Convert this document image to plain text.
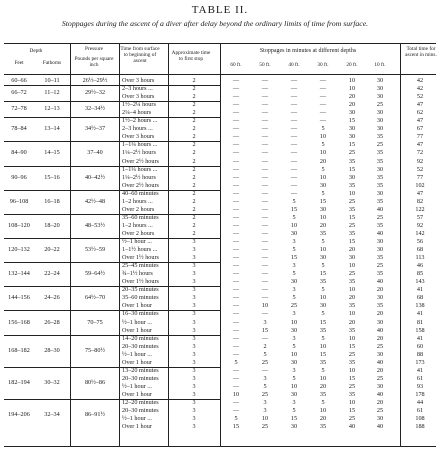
TABLE II.
Stoppages during the ascent of a diver after delay beyond the ordinary limits of time from surface.
Depth
Feet	Fathoms
Pressure
Pounds per square inch
Time from surface to beginning of ascent
Approximate time to first stop
Stoppages in minutes at different depths	Total time for ascent in mins.
60 ft.	50 ft.	40 ft.	30 ft.	20 ft.	10 ft.
60–66	10–11	26½–29½	Over 3 hours	2	—	—	—	—	10	30	42
66–72	11–12	29½–32
2–3 hours ...	2	—	—	—	—	10	30	42
Over 3 hours	2	—	—	—	—	20	30	52
72–78	12–13	32–34½
1½–2¼ hours	2	—	—	—	—	20	25	47
2¼–4 hours	2	—	—	—	—	30	30	62
78–84	13–14	34½–37
1½–2 hours ...	2	—	—	—	—	15	30	47
2–3 hours ...	2	—	—	—	5	30	30	67
Over 3 hours	2	—	—	—	10	30	35	77
84–90	14–15	37–40
1–1¼ hours ...	2	—	—	—	5	15	25	47
1¼–2½ hours	2	—	—	—	10	25	35	72
Over 2½ hours	2	—	—	—	20	35	35	92
90–96	15–16	40–42½
1–1¼ hours ...	2	—	—	—	5	15	30	52
1¼–2½ hours	2	—	—	—	10	30	35	77
Over 2½ hours	2	—	—	—	30	35	35	102
96–108	16–18	42½–48
40–60 minutes	2	—	—	—	5	10	30	47
1–2 hours ...	2	—	—	5	15	25	35	82
Over 2 hours	2	—	—	15	30	35	40	122
108–120	18–20	48–53½
35–60 minutes	2	—	—	5	10	15	25	57
1–2 hours ...	2	—	—	10	20	25	35	92
Over 2 hours	2	—	—	30	35	35	40	142
120–132	20–22	53½–59
½–1 hour ...	3	—	—	3	5	15	30	56
1–1½ hours ...	3	—	—	5	10	20	30	68
Over 1½ hours	3	—	—	15	30	30	35	113
132–144	22–24	59–64½
25–45 minutes	3	—	—	3	5	10	25	46
¾–1½ hours	3	—	—	5	15	25	35	85
Over 1½ hours	3	—	—	30	35	35	40	143
144–156	24–26	64½–70
20–35 minutes	3	—	—	3	5	10	20	41
35–60 minutes	3	—	—	5	10	20	30	68
Over 1 hour	3	—	10	25	30	35	35	138
156–168	26–28	70–75
16–30 minutes	3	—	—	3	5	10	20	41
½–1 hour ...	3	—	3	10	15	20	30	81
Over 1 hour	3	—	15	30	35	35	40	158
168–182	28–30	75–80½
14–20 minutes	3	—	—	3	5	10	20	41
20–30 minutes	3	—	2	5	10	15	25	60
½–1 hour ...	3	—	5	10	15	25	30	88
Over 1 hour	3	5	25	30	35	35	40	173
182–194	30–32	80½–86
13–20 minutes	3	—	—	3	5	10	20	41
20–30 minutes	3	—	3	5	10	15	25	61
½–1 hour ...	3	—	5	10	20	25	30	93
Over 1 hour	3	10	25	30	35	35	40	178
194–206	32–34	86–91½
12–20 minutes	3	—	3	3	5	10	20	44
20–30 minutes	3	—	3	5	10	15	25	61
½–1 hour ...	3	5	10	15	20	25	30	108
Over 1 hour	3	15	25	30	35	40	40	188
